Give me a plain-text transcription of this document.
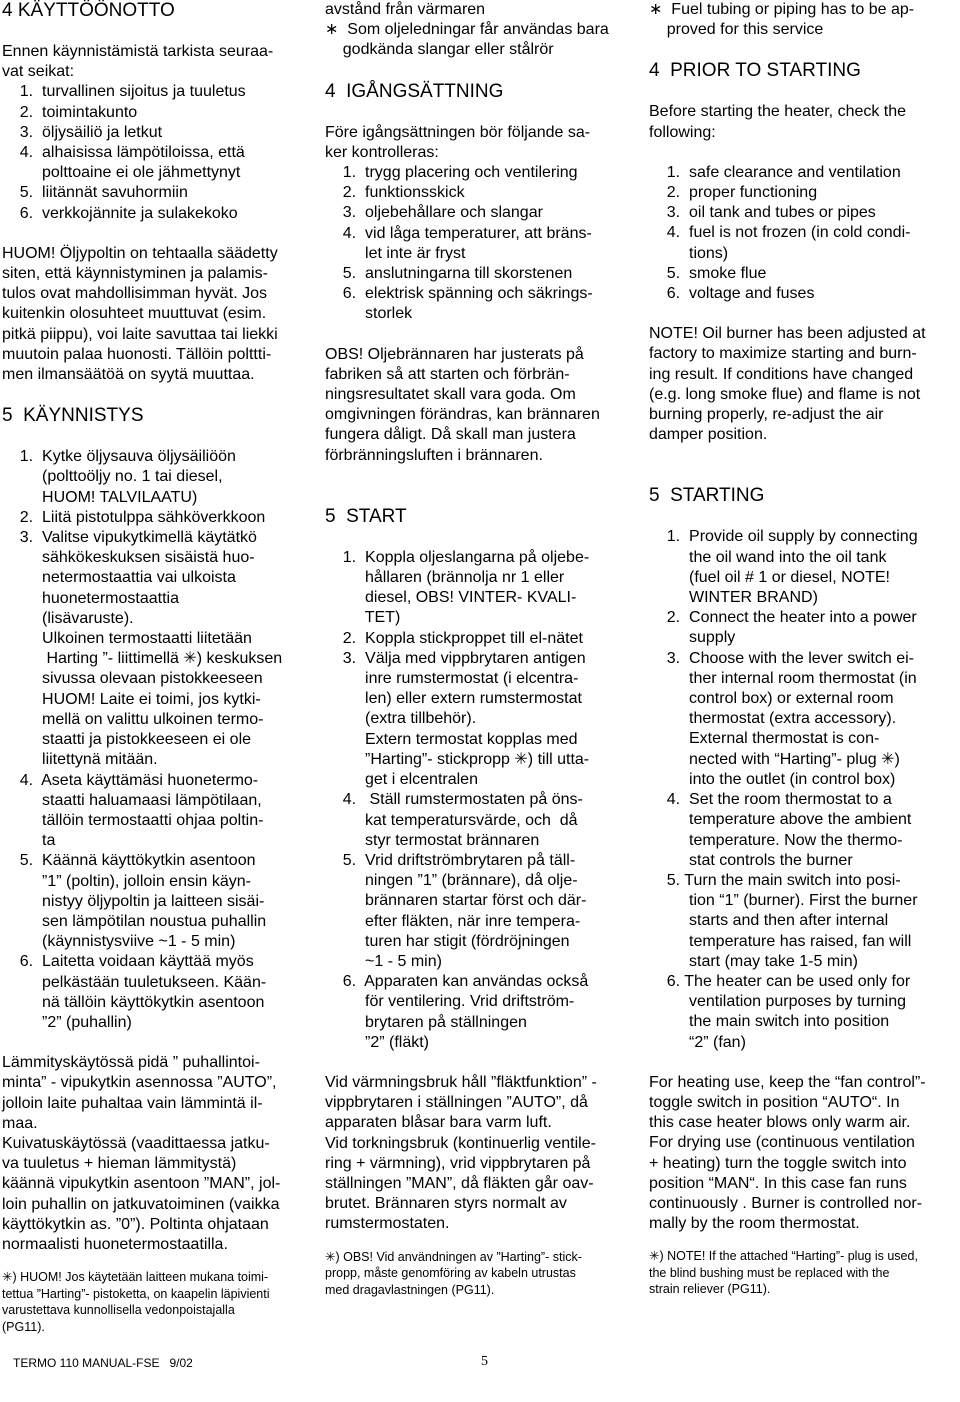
4 KÄYTTÖÖNOTTO
Ennen käynnistämistä tarkista seuraa-
vat seikat:
1.  turvallinen sijoitus ja tuuletus
2.  toimintakunto
3.  öljysäiliö ja letkut
4.  alhaisissa lämpötiloissa, että
polttoaine ei ole jähmettynyt
5.  liitännät savuhormiin
6.  verkkojännite ja sulakekoko
HUOM! Öljypoltin on tehtaalla säädetty
siten, että käynnistyminen ja palamis-
tulos ovat mahdollisimman hyvät. Jos
kuitenkin olosuhteet muuttuvat (esim.
pitkä piippu), voi laite savuttaa tai liekki
muutoin palaa huonosti. Tällöin polttti-
men ilmansäätöä on syytä muuttaa.
5  KÄYNNISTYS
1.  Kytke öljysauva öljysäiliöön
(polttoöljy no. 1 tai diesel,
HUOM! TALVILAATU)
2.  Liitä pistotulppa sähköverkkoon
3.  Valitse vipukytkimellä käytätkö
sähkökeskuksen sisäistä huo-
netermostaattia vai ulkoista
huonetermostaattia
(lisävaruste).
Ulkoinen termostaatti liitetään
Harting ”- liittimellä ✳) keskuksen
sivussa olevaan pistokkeeseen
HUOM! Laite ei toimi, jos kytki-
mellä on valittu ulkoinen termo-
staatti ja pistokkeeseen ei ole
liitettynä mitään.
4.  Aseta käyttämäsi huonetermo-
staatti haluamaasi lämpötilaan,
tällöin termostaatti ohjaa poltin-
ta
5.  Käännä käyttökytkin asentoon
”1” (poltin), jolloin ensin käyn-
nistyy öljypoltin ja laitteen sisäi-
sen lämpötilan noustua puhallin
(käynnistysviive ~1 - 5 min)
6.  Laitetta voidaan käyttää myös
pelkästään tuuletukseen. Kään-
nä tällöin käyttökytkin asentoon
”2” (puhallin)
Lämmityskäytössä pidä ” puhallintoi-
minta” - vipukytkin asennossa ”AUTO”,
jolloin laite puhaltaa vain lämmintä il-
maa.
Kuivatuskäytössä (vaadittaessa jatku-
va tuuletus + hieman lämmitystä)
käännä vipukytkin asentoon ”MAN”, jol-
loin puhallin on jatkuvatoiminen (vaikka
käyttökytkin as. ”0”). Poltinta ohjataan
normaalisti huonetermostaatilla.
✳) HUOM! Jos käytetään laitteen mukana toimi-
tettua ”Harting”- pistoketta, on kaapelin läpivienti
varustettava kunnollisella vedonpoistajalla
(PG11).
avstånd från värmaren
∗  Som oljeledningar får användas bara
godkända slangar eller stålrör
4  IGÅNGSÄTTNING
Före igångsättningen bör följande sa-
ker kontrolleras:
1.  trygg placering och ventilering
2.  funktionsskick
3.  oljebehållare och slangar
4.  vid låga temperaturer, att bräns-
let inte är fryst
5.  anslutningarna till skorstenen
6.  elektrisk spänning och säkrings-
storlek
OBS! Oljebrännaren har justerats på
fabriken så att starten och förbrän-
ningsresultatet skall vara goda. Om
omgivningen förändras, kan brännaren
fungera dåligt. Då skall man justera
förbränningsluften i brännaren.
5  START
1.  Koppla oljeslangarna på oljebe-
hållaren (brännolja nr 1 eller
diesel, OBS! VINTER- KVALI-
TET)
2.  Koppla stickproppet till el-nätet
3.  Välja med vippbrytaren antigen
inre rumstermostat (i elcentra-
len) eller extern rumstermostat
(extra tillbehör).
Extern termostat kopplas med
”Harting”- stickpropp ✳) till utta-
get i elcentralen
4.   Ställ rumstermostaten på öns-
kat temperatursvärde, och  då
styr termostat brännaren
5.  Vrid driftströmbrytaren på täll-
ningen ”1” (brännare), då olje-
brännaren startar först och där-
efter fläkten, när inre tempera-
turen har stigit (fördröjningen
~1 - 5 min)
6.  Apparaten kan användas också
för ventilering. Vrid driftström-
brytaren på ställningen
”2” (fläkt)
Vid värmningsbruk håll ”fläktfunktion” -
vippbrytaren i ställningen ”AUTO”, då
apparaten blåsar bara varm luft.
Vid torkningsbruk (kontinuerlig ventile-
ring + värmning), vrid vippbrytaren på
ställningen ”MAN”, då fläkten går oav-
brutet. Brännaren styrs normalt av
rumstermostaten.
✳) OBS! Vid användningen av ”Harting”- stick-
propp, måste genomföring av kabeln utrustas
med dragavlastningen (PG11).
∗  Fuel tubing or piping has to be ap-
proved for this service
4  PRIOR TO STARTING
Before starting the heater, check the
following:
1.  safe clearance and ventilation
2.  proper functioning
3.  oil tank and tubes or pipes
4.  fuel is not frozen (in cold condi-
tions)
5.  smoke flue
6.  voltage and fuses
NOTE! Oil burner has been adjusted at
factory to maximize starting and burn-
ing result. If conditions have changed
(e.g. long smoke flue) and flame is not
burning properly, re-adjust the air
damper position.
5  STARTING
1.  Provide oil supply by connecting
the oil wand into the oil tank
(fuel oil # 1 or diesel, NOTE!
WINTER BRAND)
2.  Connect the heater into a power
supply
3.  Choose with the lever switch ei-
ther internal room thermostat (in
control box) or external room
thermostat (extra accessory).
External thermostat is con-
nected with “Harting”- plug ✳)
into the outlet (in control box)
4.  Set the room thermostat to a
temperature above the ambient
temperature. Now the thermo-
stat controls the burner
5. Turn the main switch into posi-
tion “1” (burner). First the burner
starts and then after internal
temperature has raised, fan will
start (may take 1-5 min)
6. The heater can be used only for
ventilation purposes by turning
the main switch into position
“2” (fan)
For heating use, keep the “fan control”-
toggle switch in position “AUTO“. In
this case heater blows only warm air.
For drying use (continuous ventilation
+ heating) turn the toggle switch into
position “MAN“. In this case fan runs
continuously . Burner is controlled nor-
mally by the room thermostat.
✳) NOTE! If the attached “Harting”- plug is used,
the blind bushing must be replaced with the
strain reliever (PG11).
TERMO 110 MANUAL-FSE   9/02	5
